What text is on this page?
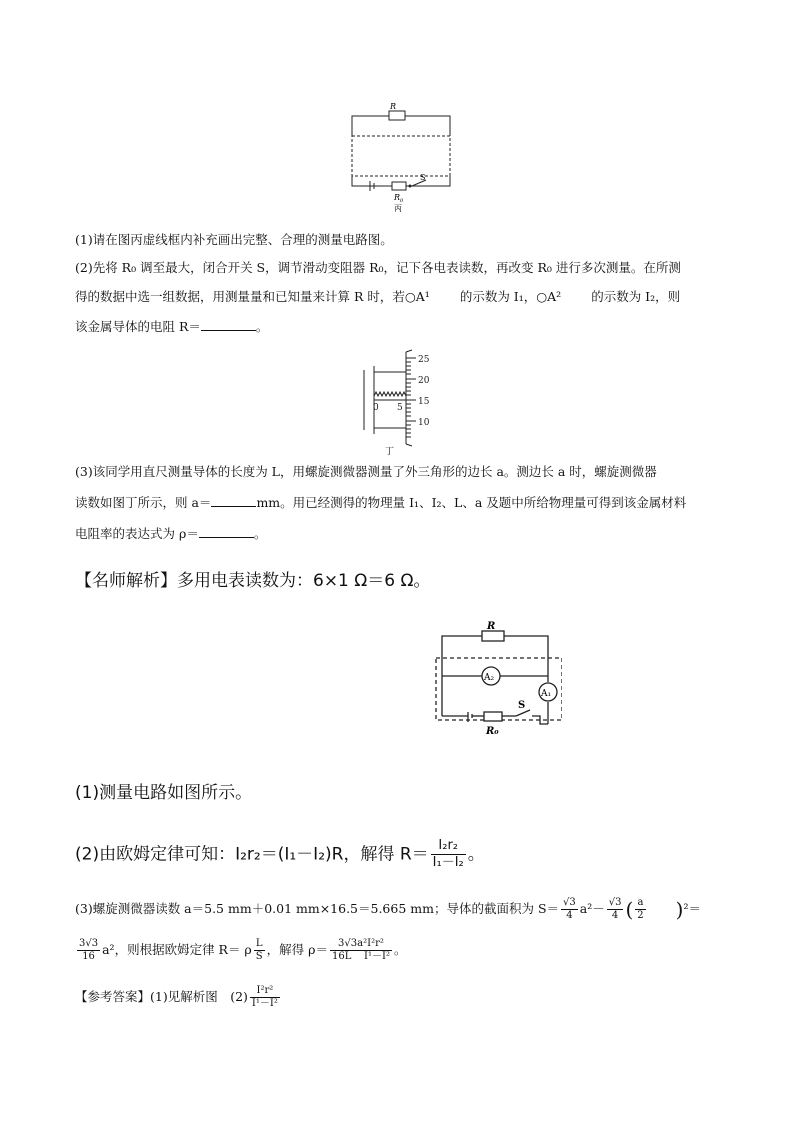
R
$R_0$
S
丙
(1)请在图丙虚线框内补充画出完整、合理的测量电路图。
(2)先将 R₀ 调至最大，闭合开关 S，调节滑动变阻器 R₀，记下各电表读数，再改变 R₀ 进行多次测量。在所测
得的数据中选一组数据，用测量量和已知量来计算 R 时，若○A¹ 的示数为 I₁，○A² 的示数为 I₂，则
该金属导体的电阻 R＝	。
25
20
15
10
0 5
丁
(3)该同学用直尺测量导体的长度为 L，用螺旋测微器测量了外三角形的边长 a。测边长 a 时，螺旋测微器
读数如图丁所示，则 a＝	mm。用已经测得的物理量 I₁、I₂、L、a 及题中所给物理量可得到该金属材料
电阻率的表达式为 ρ＝	。
【名师解析】多用电表读数为：6×1 Ω＝6 Ω。
R
A₂
A₁
R₀
S
(1)测量电路如图所示。
(2)由欧姆定律可知：I₂r₂＝(I₁－I₂)R，解得 $R= \frac{\text{I₂r₂}}{\text{I₁－I₂}}$ 。
(3)螺旋测微器读数 a＝5.5 mm＋0.01 mm×16.5＝5.665 mm；导体的截面积为 $S= \frac{√3}{4} a^2- \frac{√3}{4}$ ( $\frac{a}{2} )^2=$
$\frac{3√3}{16} a^2$，则根据欧姆定律 R＝ ρ $\frac{L}{S}$ ，解得 $\rho= \frac{\text{3√3a²I²r²}}{\text{16L    I¹－I²}}$ 。
【参考答案】(1)见解析图　$(2) \frac{\text{I²r²}}{\text{I¹－I²}}$
